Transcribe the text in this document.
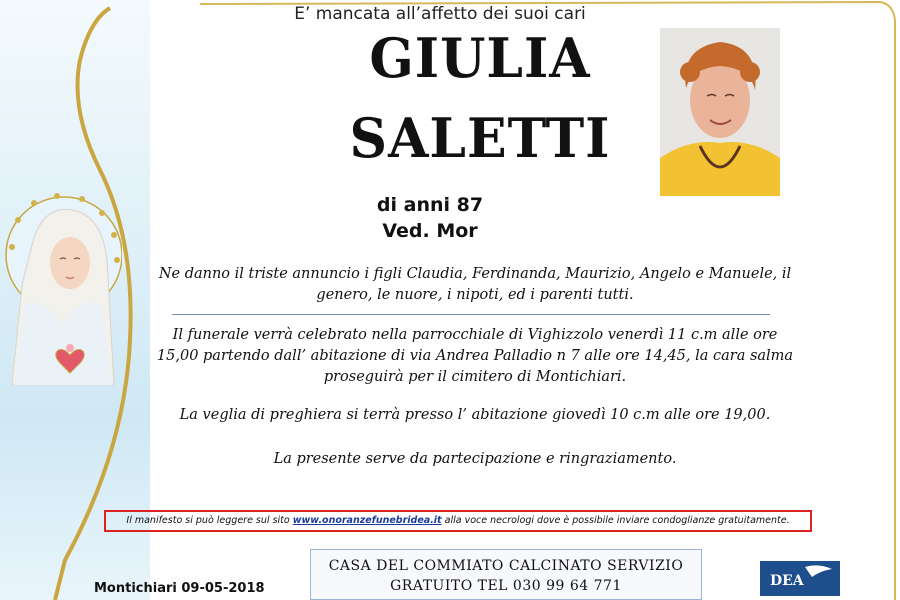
E’ mancata all’affetto dei suoi cari
GIULIA
SALETTI
di anni 87
Ved. Mor
Ne danno il triste annuncio i figli Claudia, Ferdinanda, Maurizio, Angelo e Manuele, il genero, le nuore, i nipoti, ed i parenti tutti.
Il funerale verrà celebrato nella parrocchiale di Vighizzolo venerdì 11 c.m alle ore 15,00 partendo dall’ abitazione di via Andrea Palladio n 7 alle ore 14,45, la cara salma proseguirà per il cimitero di Montichiari.
La veglia di preghiera si terrà presso l’ abitazione giovedì 10 c.m alle ore 19,00.
La presente serve da partecipazione e ringraziamento.
Il manifesto si può leggere sul sito www.onoranzefunebridea.it alla voce necrologi dove è possibile inviare condoglianze gratuitamente.
Montichiari 09-05-2018
CASA DEL COMMIATO CALCINATO SERVIZIO
GRATUITO TEL 030 99 64 771	DEA
